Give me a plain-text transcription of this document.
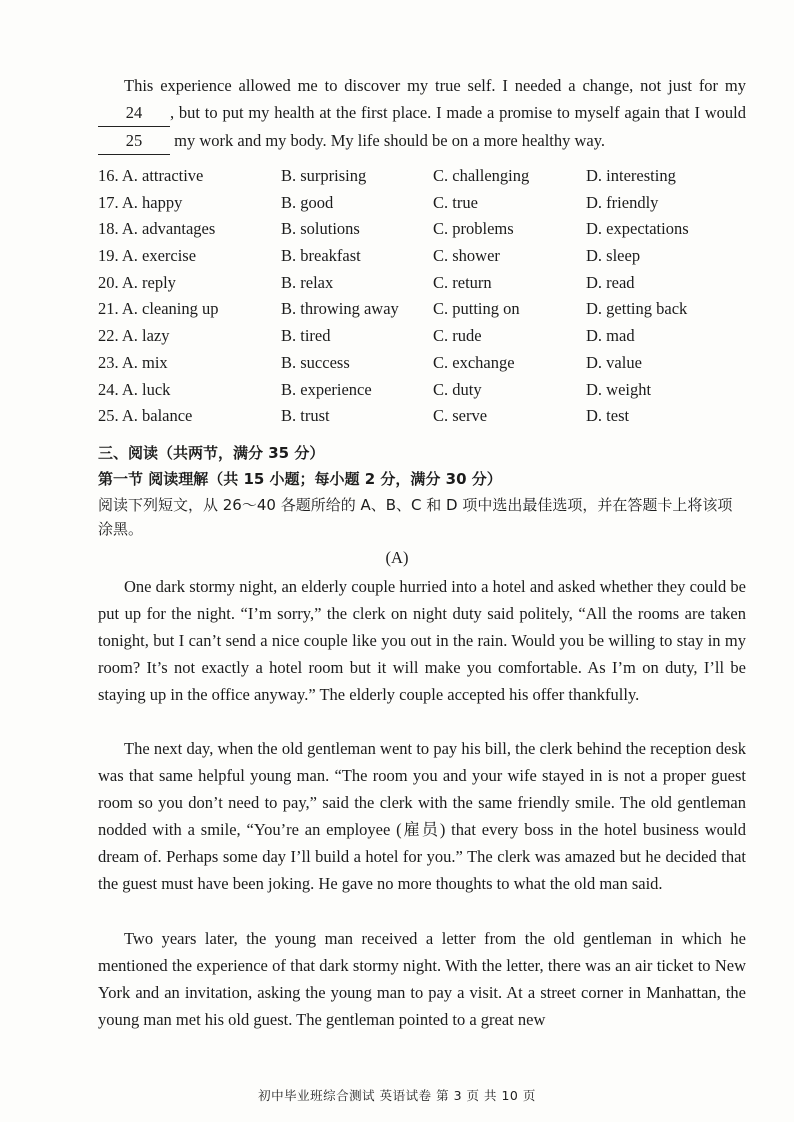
This experience allowed me to discover my true self. I needed a change, not just for my 24 , but to put my health at the first place. I made a promise to myself again that I would 25 my work and my body. My life should be on a more healthy way.
16. A. attractive	B. surprising	C. challenging	D. interesting
17. A. happy	B. good	C. true	D. friendly
18. A. advantages	B. solutions	C. problems	D. expectations
19. A. exercise	B. breakfast	C. shower	D. sleep
20. A. reply	B. relax	C. return	D. read
21. A. cleaning up	B. throwing away C. putting on	D. getting back
22. A. lazy	B. tired	C. rude	D. mad
23. A. mix	B. success	C. exchange	D. value
24. A. luck	B. experience	C. duty	D. weight
25. A. balance	B. trust	C. serve	D. test
三、阅读（共两节，满分 35 分）
第一节 阅读理解（共 15 小题；每小题 2 分，满分 30 分）
阅读下列短文，从 26～40 各题所给的 A、B、C 和 D 项中选出最佳选项，并在答题卡上将该项涂黑。
(A)
One dark stormy night, an elderly couple hurried into a hotel and asked whether they could be put up for the night. “I’m sorry,” the clerk on night duty said politely, “All the rooms are taken tonight, but I can’t send a nice couple like you out in the rain. Would you be willing to stay in my room? It’s not exactly a hotel room but it will make you comfortable. As I’m on duty, I’ll be staying up in the office anyway.” The elderly couple accepted his offer thankfully.
The next day, when the old gentleman went to pay his bill, the clerk behind the reception desk was that same helpful young man. “The room you and your wife stayed in is not a proper guest room so you don’t need to pay,” said the clerk with the same friendly smile. The old gentleman nodded with a smile, “You’re an employee (雇员) that every boss in the hotel business would dream of. Perhaps some day I’ll build a hotel for you.” The clerk was amazed but he decided that the guest must have been joking. He gave no more thoughts to what the old man said.
Two years later, the young man received a letter from the old gentleman in which he mentioned the experience of that dark stormy night. With the letter, there was an air ticket to New York and an invitation, asking the young man to pay a visit. At a street corner in Manhattan, the young man met his old guest. The gentleman pointed to a great new
初中毕业班综合测试 英语试卷 第 3 页 共 10 页
